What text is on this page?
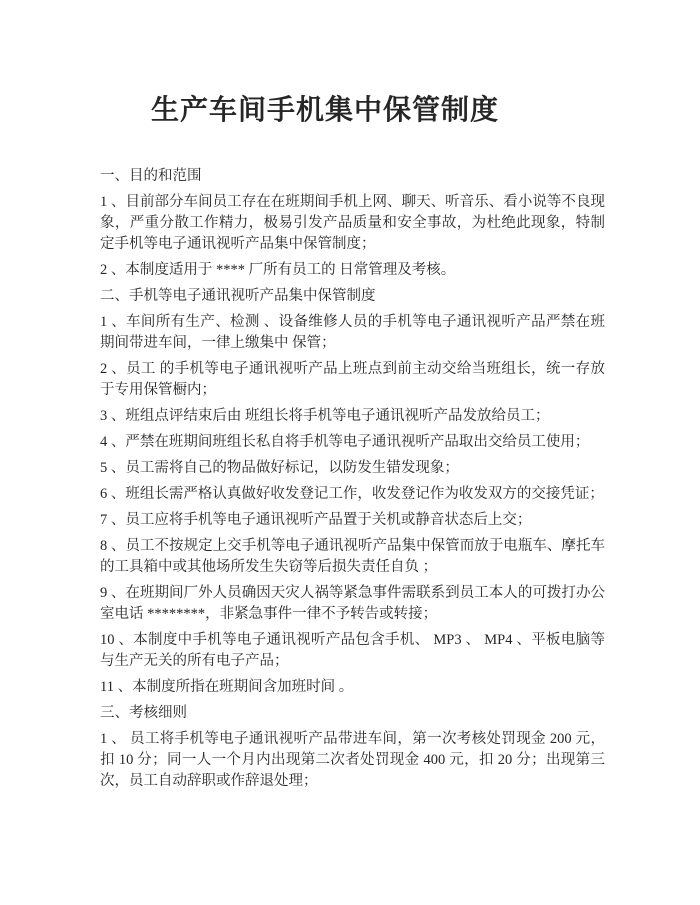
生产车间手机集中保管制度
一、目的和范围

1 、目前部分车间员工存在在班期间手机上网、聊天、听音乐、看小说等不良现象，严重分散工作精力，极易引发产品质量和安全事故，为杜绝此现象，特制定手机等电子通讯视听产品集中保管制度；

2 、本制度适用于 **** 厂所有员工的 日常管理及考核。

二、手机等电子通讯视听产品集中保管制度

1 、车间所有生产、检测 、设备维修人员的手机等电子通讯视听产品严禁在班期间带进车间，一律上缴集中 保管；

2 、员工 的手机等电子通讯视听产品上班点到前主动交给当班组长，统一存放于专用保管橱内；

3 、班组点评结束后由 班组长将手机等电子通讯视听产品发放给员工；

4 、严禁在班期间班组长私自将手机等电子通讯视听产品取出交给员工使用；

5 、员工需将自己的物品做好标记，以防发生错发现象；

6 、班组长需严格认真做好收发登记工作，收发登记作为收发双方的交接凭证；

7 、员工应将手机等电子通讯视听产品置于关机或静音状态后上交；

8 、员工不按规定上交手机等电子通讯视听产品集中保管而放于电瓶车、摩托车的工具箱中或其他场所发生失窃等后损失责任自负 ；

9 、在班期间厂外人员确因天灾人祸等紧急事件需联系到员工本人的可拨打办公室电话 ********，非紧急事件一律不予转告或转接；

10 、本制度中手机等电子通讯视听产品包含手机、 MP3 、 MP4 、平板电脑等与生产无关的所有电子产品；

11 、本制度所指在班期间含加班时间 。

三、考核细则

1 、 员工将手机等电子通讯视听产品带进车间，第一次考核处罚现金 200 元，扣 10 分；同一人一个月内出现第二次者处罚现金 400 元，扣 20 分；出现第三次，员工自动辞职或作辞退处理；
